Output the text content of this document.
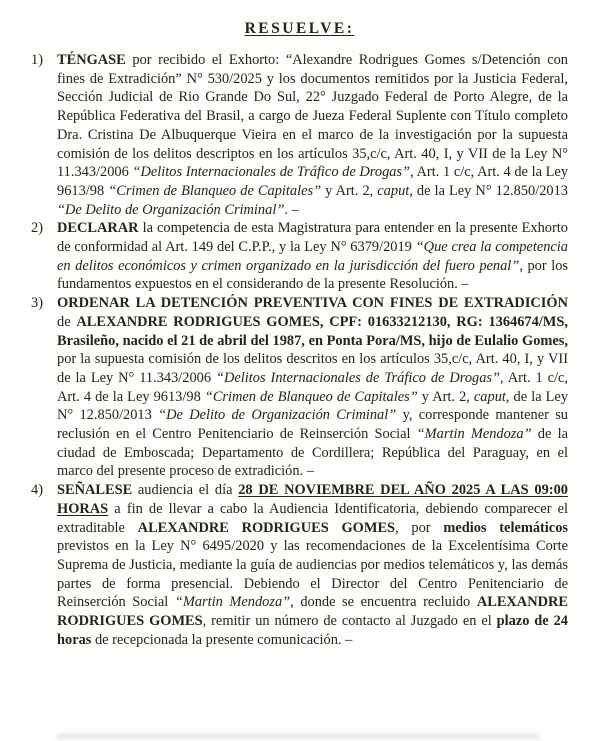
RESUELVE:
1) TÉNGASE por recibido el Exhorto: “Alexandre Rodrigues Gomes s/Detención con fines de Extradición” N° 530/2025 y los documentos remitidos por la Justicia Federal, Sección Judicial de Rio Grande Do Sul, 22° Juzgado Federal de Porto Alegre, de la República Federativa del Brasil, a cargo de Jueza Federal Suplente con Título completo Dra. Cristina De Albuquerque Vieira en el marco de la investigación por la supuesta comisión de los delitos descriptos en los artículos 35,c/c, Art. 40, I, y VII de la Ley N° 11.343/2006 “Delitos Internacionales de Tráfico de Drogas”, Art. 1 c/c, Art. 4 de la Ley 9613/98 “Crimen de Blanqueo de Capitales” y Art. 2, caput, de la Ley N° 12.850/2013 “De Delito de Organización Criminal”. –
2) DECLARAR la competencia de esta Magistratura para entender en la presente Exhorto de conformidad al Art. 149 del C.P.P., y la Ley N° 6379/2019 “Que crea la competencia en delitos económicos y crimen organizado en la jurisdicción del fuero penal”, por los fundamentos expuestos en el considerando de la presente Resolución. –
3) ORDENAR LA DETENCIÓN PREVENTIVA CON FINES DE EXTRADICIÓN de ALEXANDRE RODRIGUES GOMES, CPF: 01633212130, RG: 1364674/MS, Brasileño, nacido el 21 de abril del 1987, en Ponta Pora/MS, hijo de Eulalio Gomes, por la supuesta comisión de los delitos descritos en los artículos 35,c/c, Art. 40, I, y VII de la Ley N° 11.343/2006 “Delitos Internacionales de Tráfico de Drogas”, Art. 1 c/c, Art. 4 de la Ley 9613/98 “Crimen de Blanqueo de Capitales” y Art. 2, caput, de la Ley N° 12.850/2013 “De Delito de Organización Criminal” y, corresponde mantener su reclusión en el Centro Penitenciario de Reinserción Social “Martin Mendoza” de la ciudad de Emboscada; Departamento de Cordillera; República del Paraguay, en el marco del presente proceso de extradición. –
4) SEÑALESE audiencia el día 28 DE NOVIEMBRE DEL AÑO 2025 A LAS 09:00 HORAS a fin de llevar a cabo la Audiencia Identificatoria, debiendo comparecer el extraditable ALEXANDRE RODRIGUES GOMES, por medios telemáticos previstos en la Ley N° 6495/2020 y las recomendaciones de la Excelentísima Corte Suprema de Justicia, mediante la guía de audiencias por medios telemáticos y, las demás partes de forma presencial. Debiendo el Director del Centro Penitenciario de Reinserción Social “Martin Mendoza”, donde se encuentra recluido ALEXANDRE RODRIGUES GOMES, remitir un número de contacto al Juzgado en el plazo de 24 horas de recepcionada la presente comunicación. –
